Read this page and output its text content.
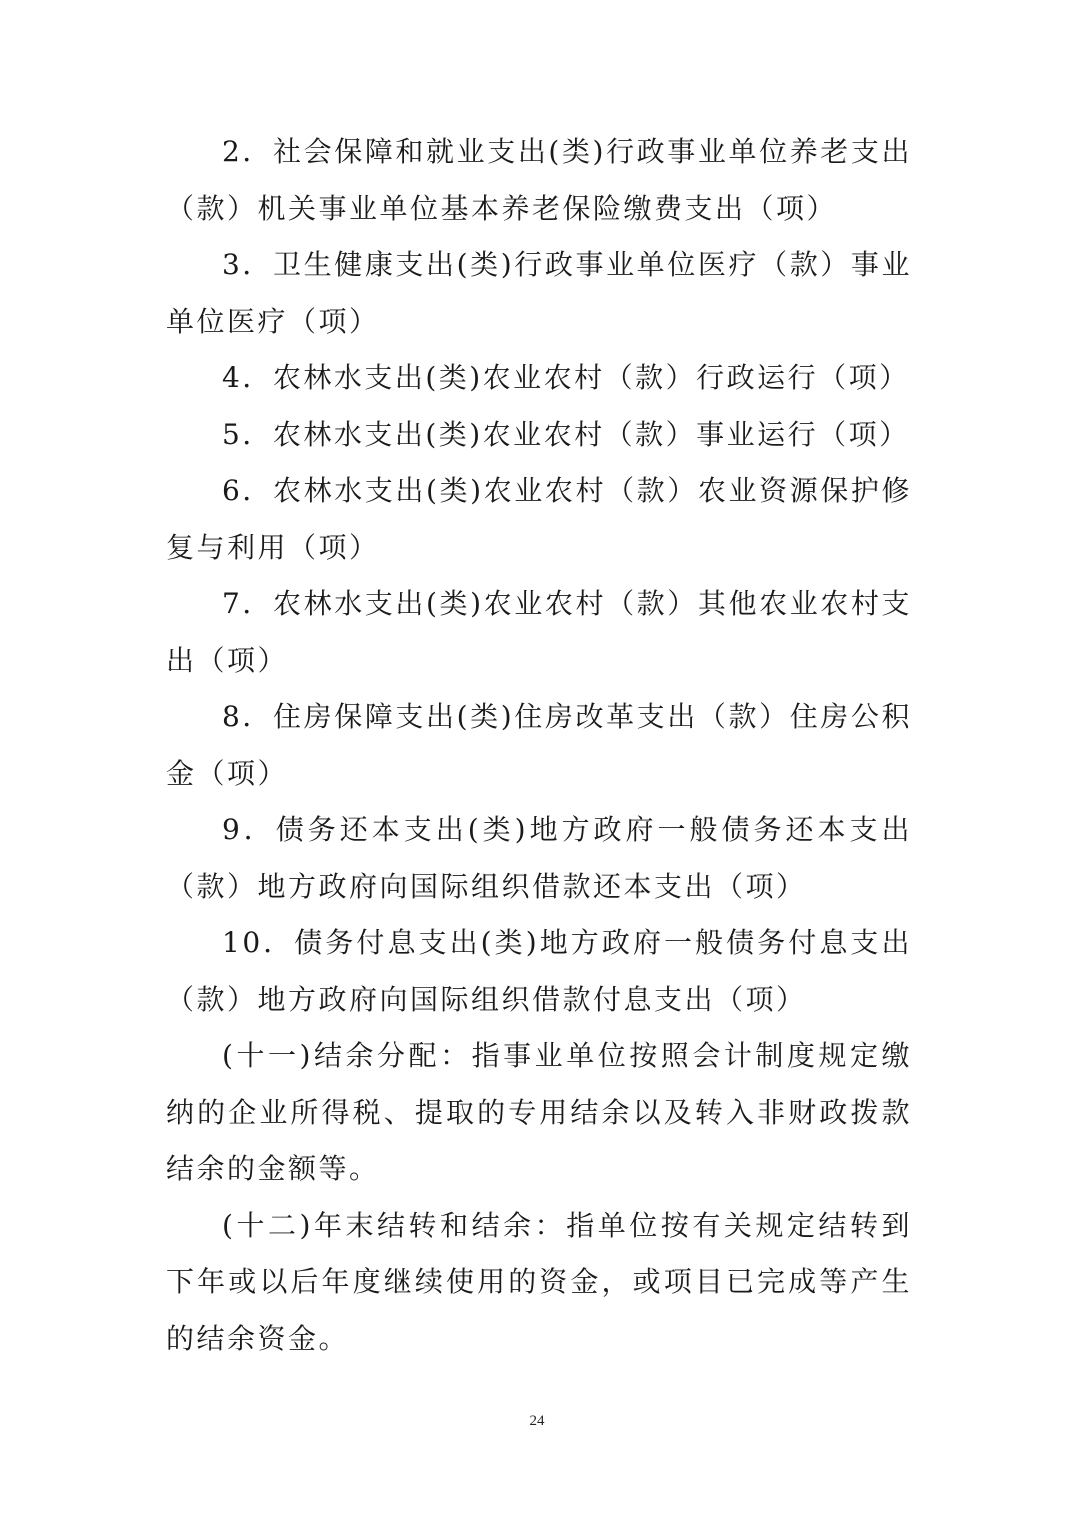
2．社会保障和就业支出(类)行政事业单位养老支出（款）机关事业单位基本养老保险缴费支出（项）

3．卫生健康支出(类)行政事业单位医疗（款）事业单位医疗（项）

4．农林水支出(类)农业农村（款）行政运行（项）

5．农林水支出(类)农业农村（款）事业运行（项）

6．农林水支出(类)农业农村（款）农业资源保护修复与利用（项）

7．农林水支出(类)农业农村（款）其他农业农村支出（项）

8．住房保障支出(类)住房改革支出（款）住房公积金（项）

9．债务还本支出(类)地方政府一般债务还本支出（款）地方政府向国际组织借款还本支出（项）

10．债务付息支出(类)地方政府一般债务付息支出（款）地方政府向国际组织借款付息支出（项）

(十一)结余分配：指事业单位按照会计制度规定缴纳的企业所得税、提取的专用结余以及转入非财政拨款结余的金额等。

(十二)年末结转和结余：指单位按有关规定结转到下年或以后年度继续使用的资金，或项目已完成等产生的结余资金。

24
